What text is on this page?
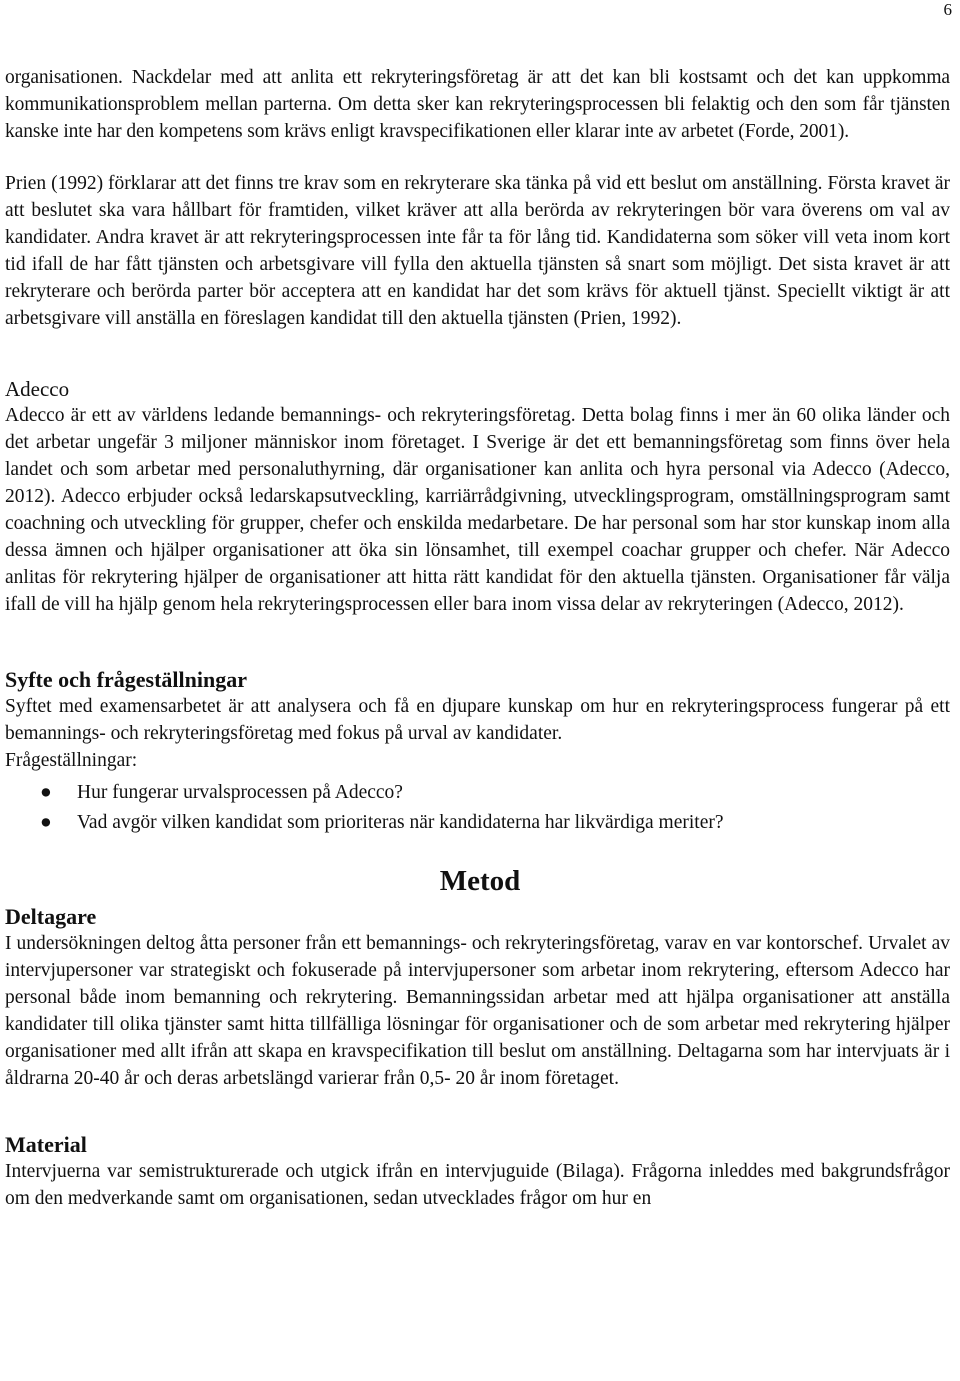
6

organisationen. Nackdelar med att anlita ett rekryteringsföretag är att det kan bli kostsamt och det kan uppkomma kommunikationsproblem mellan parterna. Om detta sker kan rekryteringsprocessen bli felaktig och den som får tjänsten kanske inte har den kompetens som krävs enligt kravspecifikationen eller klarar inte av arbetet (Forde, 2001).

Prien (1992) förklarar att det finns tre krav som en rekryterare ska tänka på vid ett beslut om anställning. Första kravet är att beslutet ska vara hållbart för framtiden, vilket kräver att alla berörda av rekryteringen bör vara överens om val av kandidater. Andra kravet är att rekryteringsprocessen inte får ta för lång tid. Kandidaterna som söker vill veta inom kort tid ifall de har fått tjänsten och arbetsgivare vill fylla den aktuella tjänsten så snart som möjligt. Det sista kravet är att rekryterare och berörda parter bör acceptera att en kandidat har det som krävs för aktuell tjänst. Speciellt viktigt är att arbetsgivare vill anställa en föreslagen kandidat till den aktuella tjänsten (Prien, 1992).

Adecco

Adecco är ett av världens ledande bemannings- och rekryteringsföretag. Detta bolag finns i mer än 60 olika länder och det arbetar ungefär 3 miljoner människor inom företaget. I Sverige är det ett bemanningsföretag som finns över hela landet och som arbetar med personaluthyrning, där organisationer kan anlita och hyra personal via Adecco (Adecco, 2012). Adecco erbjuder också ledarskapsutveckling, karriärrådgivning, utvecklingsprogram, omställningsprogram samt coachning och utveckling för grupper, chefer och enskilda medarbetare. De har personal som har stor kunskap inom alla dessa ämnen och hjälper organisationer att öka sin lönsamhet, till exempel coachar grupper och chefer. När Adecco anlitas för rekrytering hjälper de organisationer att hitta rätt kandidat för den aktuella tjänsten. Organisationer får välja ifall de vill ha hjälp genom hela rekryteringsprocessen eller bara inom vissa delar av rekryteringen (Adecco, 2012).

Syfte och frågeställningar

Syftet med examensarbetet är att analysera och få en djupare kunskap om hur en rekryteringsprocess fungerar på ett bemannings- och rekryteringsföretag med fokus på urval av kandidater.

Frågeställningar:

● Hur fungerar urvalsprocessen på Adecco?
● Vad avgör vilken kandidat som prioriteras när kandidaterna har likvärdiga meriter?
Metod
Deltagare

I undersökningen deltog åtta personer från ett bemannings- och rekryteringsföretag, varav en var kontorschef. Urvalet av intervjupersoner var strategiskt och fokuserade på intervjupersoner som arbetar inom rekrytering, eftersom Adecco har personal både inom bemanning och rekrytering. Bemanningssidan arbetar med att hjälpa organisationer att anställa kandidater till olika tjänster samt hitta tillfälliga lösningar för organisationer och de som arbetar med rekrytering hjälper organisationer med allt ifrån att skapa en kravspecifikation till beslut om anställning. Deltagarna som har intervjuats är i åldrarna 20-40 år och deras arbetslängd varierar från 0,5- 20 år inom företaget.

Material

Intervjuerna var semistrukturerade och utgick ifrån en intervjuguide (Bilaga). Frågorna inleddes med bakgrundsfrågor om den medverkande samt om organisationen, sedan utvecklades frågor om hur en
